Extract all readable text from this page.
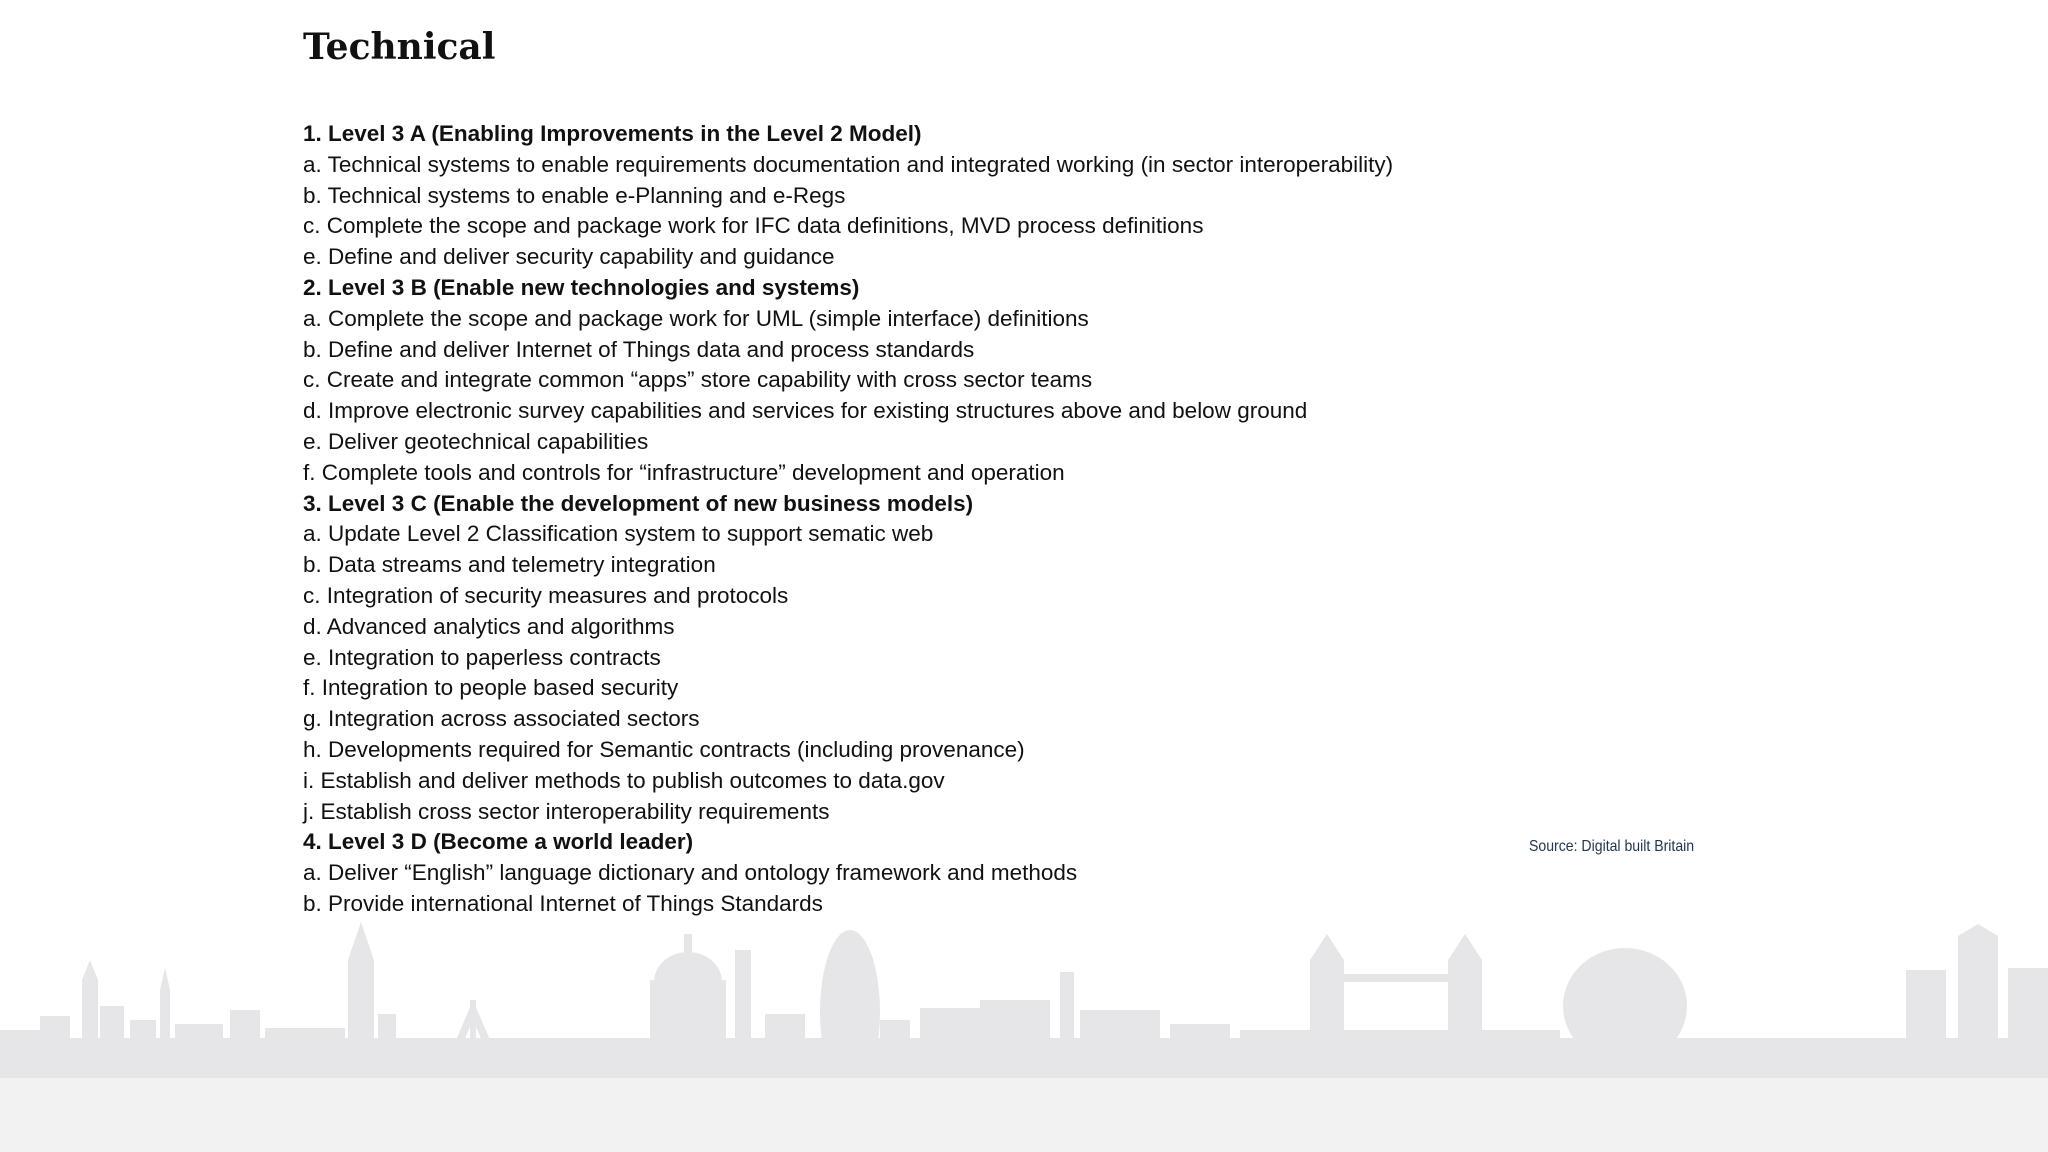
Technical
1. Level 3 A (Enabling Improvements in the Level 2 Model)
a. Technical systems to enable requirements documentation and integrated working (in sector interoperability)
b. Technical systems to enable e-Planning and e-Regs
c. Complete the scope and package work for IFC data definitions, MVD process definitions
e. Define and deliver security capability and guidance
2. Level 3 B (Enable new technologies and systems)
a. Complete the scope and package work for UML (simple interface) definitions
b. Define and deliver Internet of Things data and process standards
c. Create and integrate common “apps” store capability with cross sector teams
d. Improve electronic survey capabilities and services for existing structures above and below ground
e. Deliver geotechnical capabilities
f. Complete tools and controls for “infrastructure” development and operation
3. Level 3 C (Enable the development of new business models)
a. Update Level 2 Classification system to support sematic web
b. Data streams and telemetry integration
c. Integration of security measures and protocols
d. Advanced analytics and algorithms
e. Integration to paperless contracts
f. Integration to people based security
g. Integration across associated sectors
h. Developments required for Semantic contracts (including provenance)
i. Establish and deliver methods to publish outcomes to data.gov
j. Establish cross sector interoperability requirements
4. Level 3 D (Become a world leader)
a. Deliver “English” language dictionary and ontology framework and methods
b. Provide international Internet of Things Standards
Source: Digital built Britain
